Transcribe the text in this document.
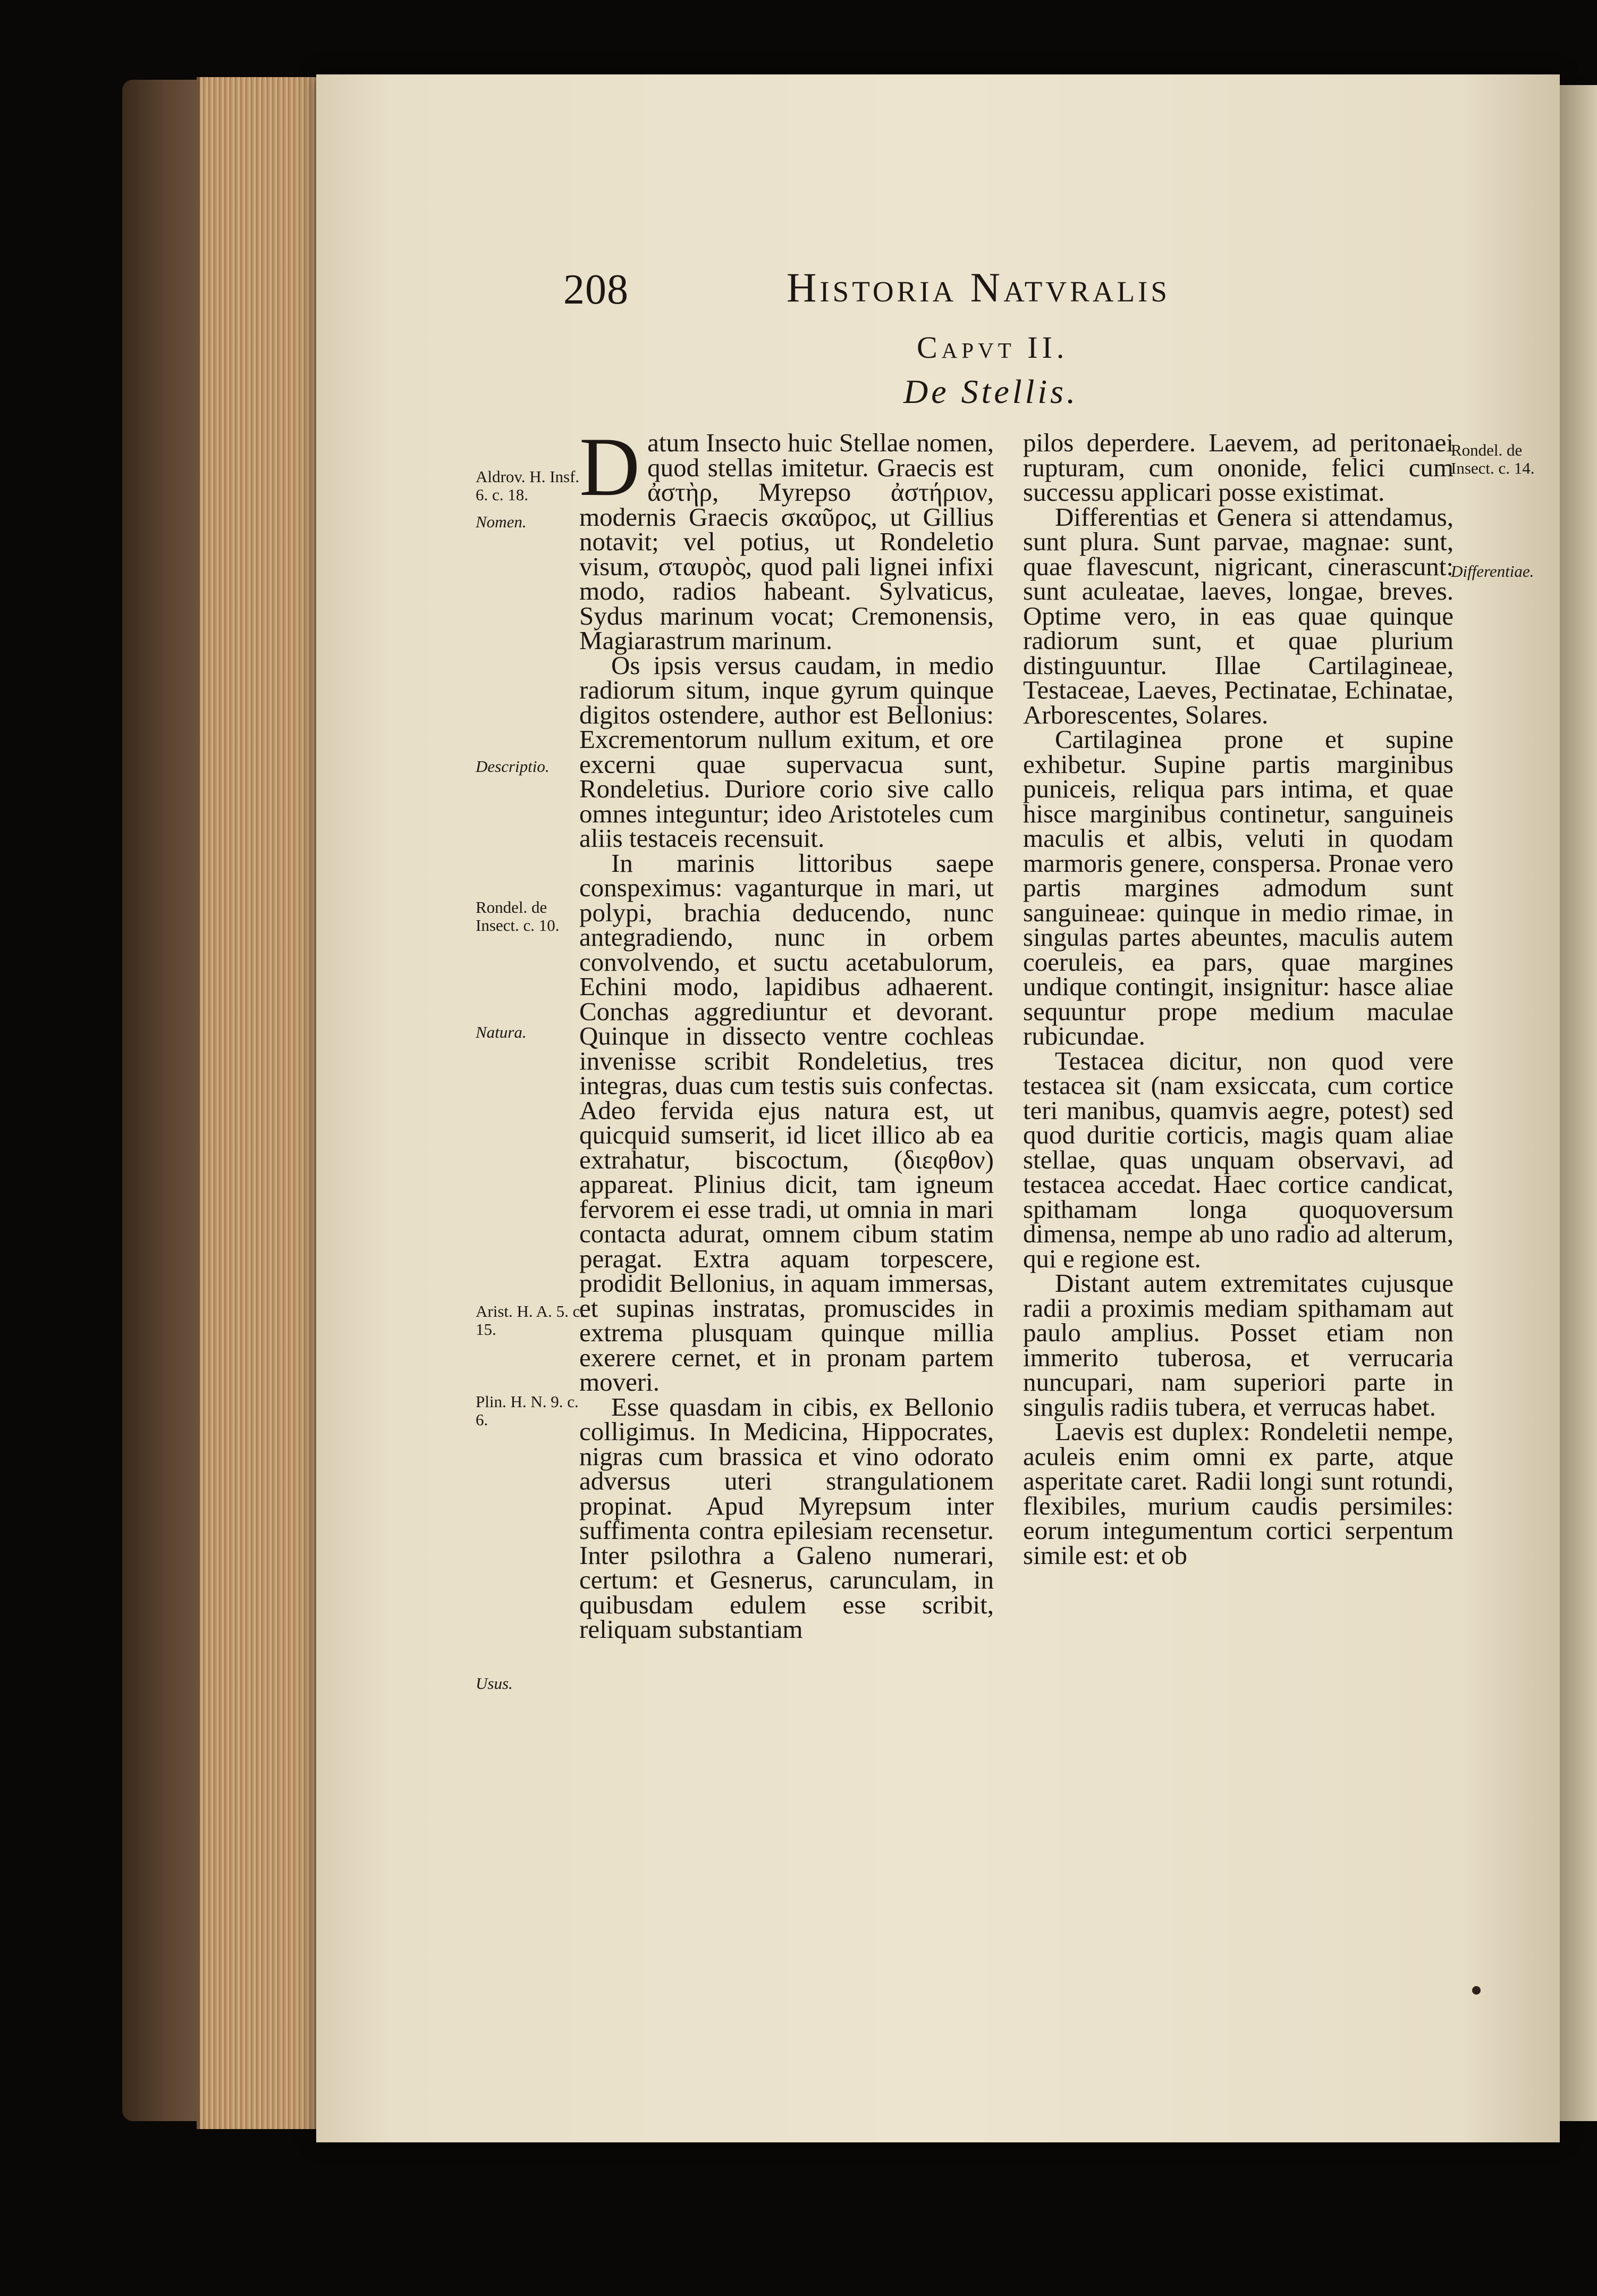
208	Historia Natvralis
Capvt II.
De Stellis.

Datum Insecto huic Stellae nomen, quod stellas imitetur. Graecis est ἀστὴρ, Myrepso ἀστήριον, modernis Graecis σκαῦρος, ut Gillius notavit; vel potius, ut Rondeletio visum, σταυρὸς, quod pali lignei infixi modo, radios habeant. Sylvaticus, Sydus marinum vocat; Cremonensis, Magiarastrum marinum.

Os ipsis versus caudam, in medio radiorum situm, inque gyrum quinque digitos ostendere, author est Bellonius: Excrementorum nullum exitum, et ore excerni quae supervacua sunt, Rondeletius. Duriore corio sive callo omnes integuntur; ideo Aristoteles cum aliis testaceis recensuit.

In marinis littoribus saepe conspeximus: vaganturque in mari, ut polypi, brachia deducendo, nunc antegradiendo, nunc in orbem convolvendo, et suctu acetabulorum, Echini modo, lapidibus adhaerent. Conchas aggrediuntur et devorant. Quinque in dissecto ventre cochleas invenisse scribit Rondeletius, tres integras, duas cum testis suis confectas. Adeo fervida ejus natura est, ut quicquid sumserit, id licet illico ab ea extrahatur, biscoctum, (διεφθον) appareat. Plinius dicit, tam igneum fervorem ei esse tradi, ut omnia in mari contacta adurat, omnem cibum statim peragat. Extra aquam torpescere, prodidit Bellonius, in aquam immersas, et supinas instratas, promuscides in extrema plusquam quinque millia exerere cernet, et in pronam partem moveri.

Esse quasdam in cibis, ex Bellonio colligimus. In Medicina, Hippocrates, nigras cum brassica et vino odorato adversus uteri strangulationem propinat. Apud Myrepsum inter suffimenta contra epilesiam recensetur. Inter psilothra a Galeno numerari, certum: et Gesnerus, carunculam, in quibusdam edulem esse scribit, reliquam substantiam

pilos deperdere. Laevem, ad peritonaei rupturam, cum ononide, felici cum successu applicari posse existimat.

Differentias et Genera si attendamus, sunt plura. Sunt parvae, magnae: sunt, quae flavescunt, nigricant, cinerascunt: sunt aculeatae, laeves, longae, breves. Optime vero, in eas quae quinque radiorum sunt, et quae plurium distinguuntur. Illae Cartilagineae, Testaceae, Laeves, Pectinatae, Echinatae, Arborescentes, Solares.

Cartilaginea prone et supine exhibetur. Supine partis marginibus puniceis, reliqua pars intima, et quae hisce marginibus continetur, sanguineis maculis et albis, veluti in quodam marmoris genere, conspersa. Pronae vero partis margines admodum sunt sanguineae: quinque in medio rimae, in singulas partes abeuntes, maculis autem coeruleis, ea pars, quae margines undique contingit, insignitur: hasce aliae sequuntur prope medium maculae rubicundae.

Testacea dicitur, non quod vere testacea sit (nam exsiccata, cum cortice teri manibus, quamvis aegre, potest) sed quod duritie corticis, magis quam aliae stellae, quas unquam observavi, ad testacea accedat. Haec cortice candicat, spithamam longa quoquoversum dimensa, nempe ab uno radio ad alterum, qui e regione est.

Distant autem extremitates cujusque radii a proximis mediam spithamam aut paulo amplius. Posset etiam non immerito tuberosa, et verrucaria nuncupari, nam superiori parte in singulis radiis tubera, et verrucas habet.

Laevis est duplex: Rondeletii nempe, aculeis enim omni ex parte, atque asperitate caret. Radii longi sunt rotundi, flexibiles, murium caudis persimiles: eorum integumentum cortici serpentum simile est: et ob

Aldrov. H. Insf. 6. c. 18.
Nomen.
Descriptio.
Rondel. de Insect. c. 10.
Natura.
Arist. H. A. 5. c. 15.
Plin. H. N. 9. c. 6.
Usus.
Rondel. de Insect. c. 14.
Differentiae.
